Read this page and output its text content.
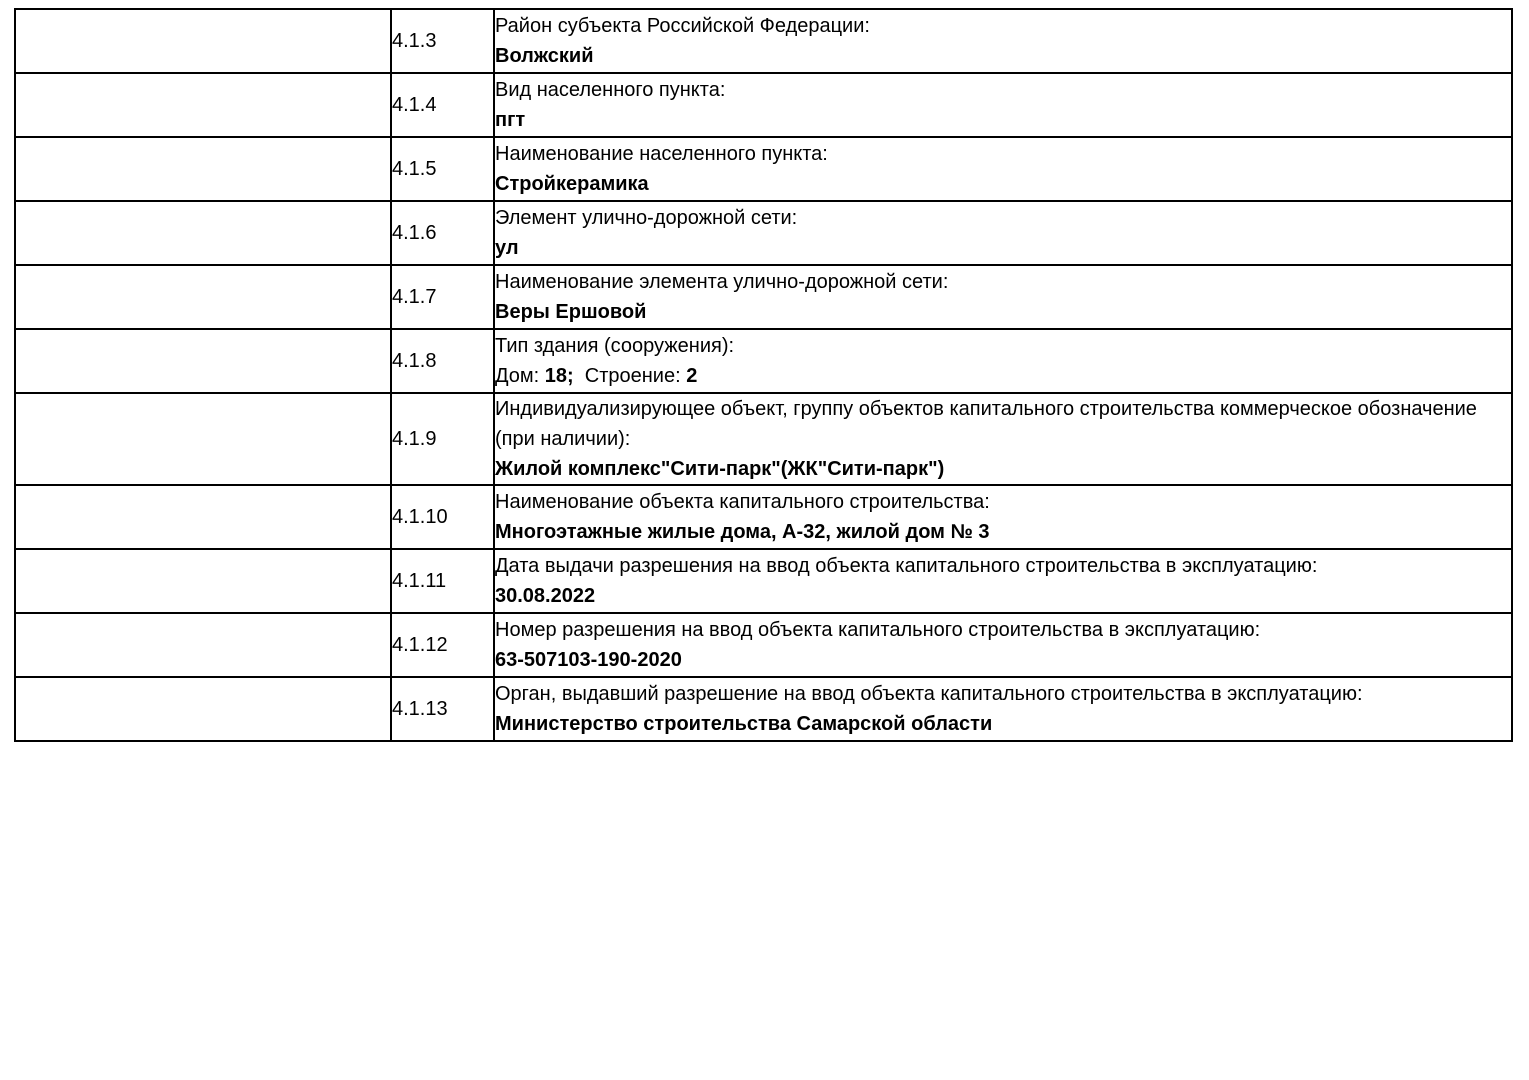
	4.1.3	Район субъекта Российской Федерации:
Волжский

	4.1.4	Вид населенного пункта:
пгт

	4.1.5	Наименование населенного пункта:
Стройкерамика

	4.1.6	Элемент улично-дорожной сети:
ул

	4.1.7	Наименование элемента улично-дорожной сети:
Веры Ершовой

	4.1.8	Тип здания (сооружения):
Дом: 18;  Строение: 2

	4.1.9	Индивидуализирующее объект, группу объектов капитального строительства коммерческое обозначение (при наличии):
Жилой комплекс"Сити-парк"(ЖК"Сити-парк")

	4.1.10	Наименование объекта капитального строительства:
Многоэтажные жилые дома, А-32, жилой дом № 3

	4.1.11	Дата выдачи разрешения на ввод объекта капитального строительства в эксплуатацию:
30.08.2022

	4.1.12	Номер разрешения на ввод объекта капитального строительства в эксплуатацию:
63-507103-190-2020

	4.1.13	Орган, выдавший разрешение на ввод объекта капитального строительства в эксплуатацию:
Министерство строительства Самарской области
